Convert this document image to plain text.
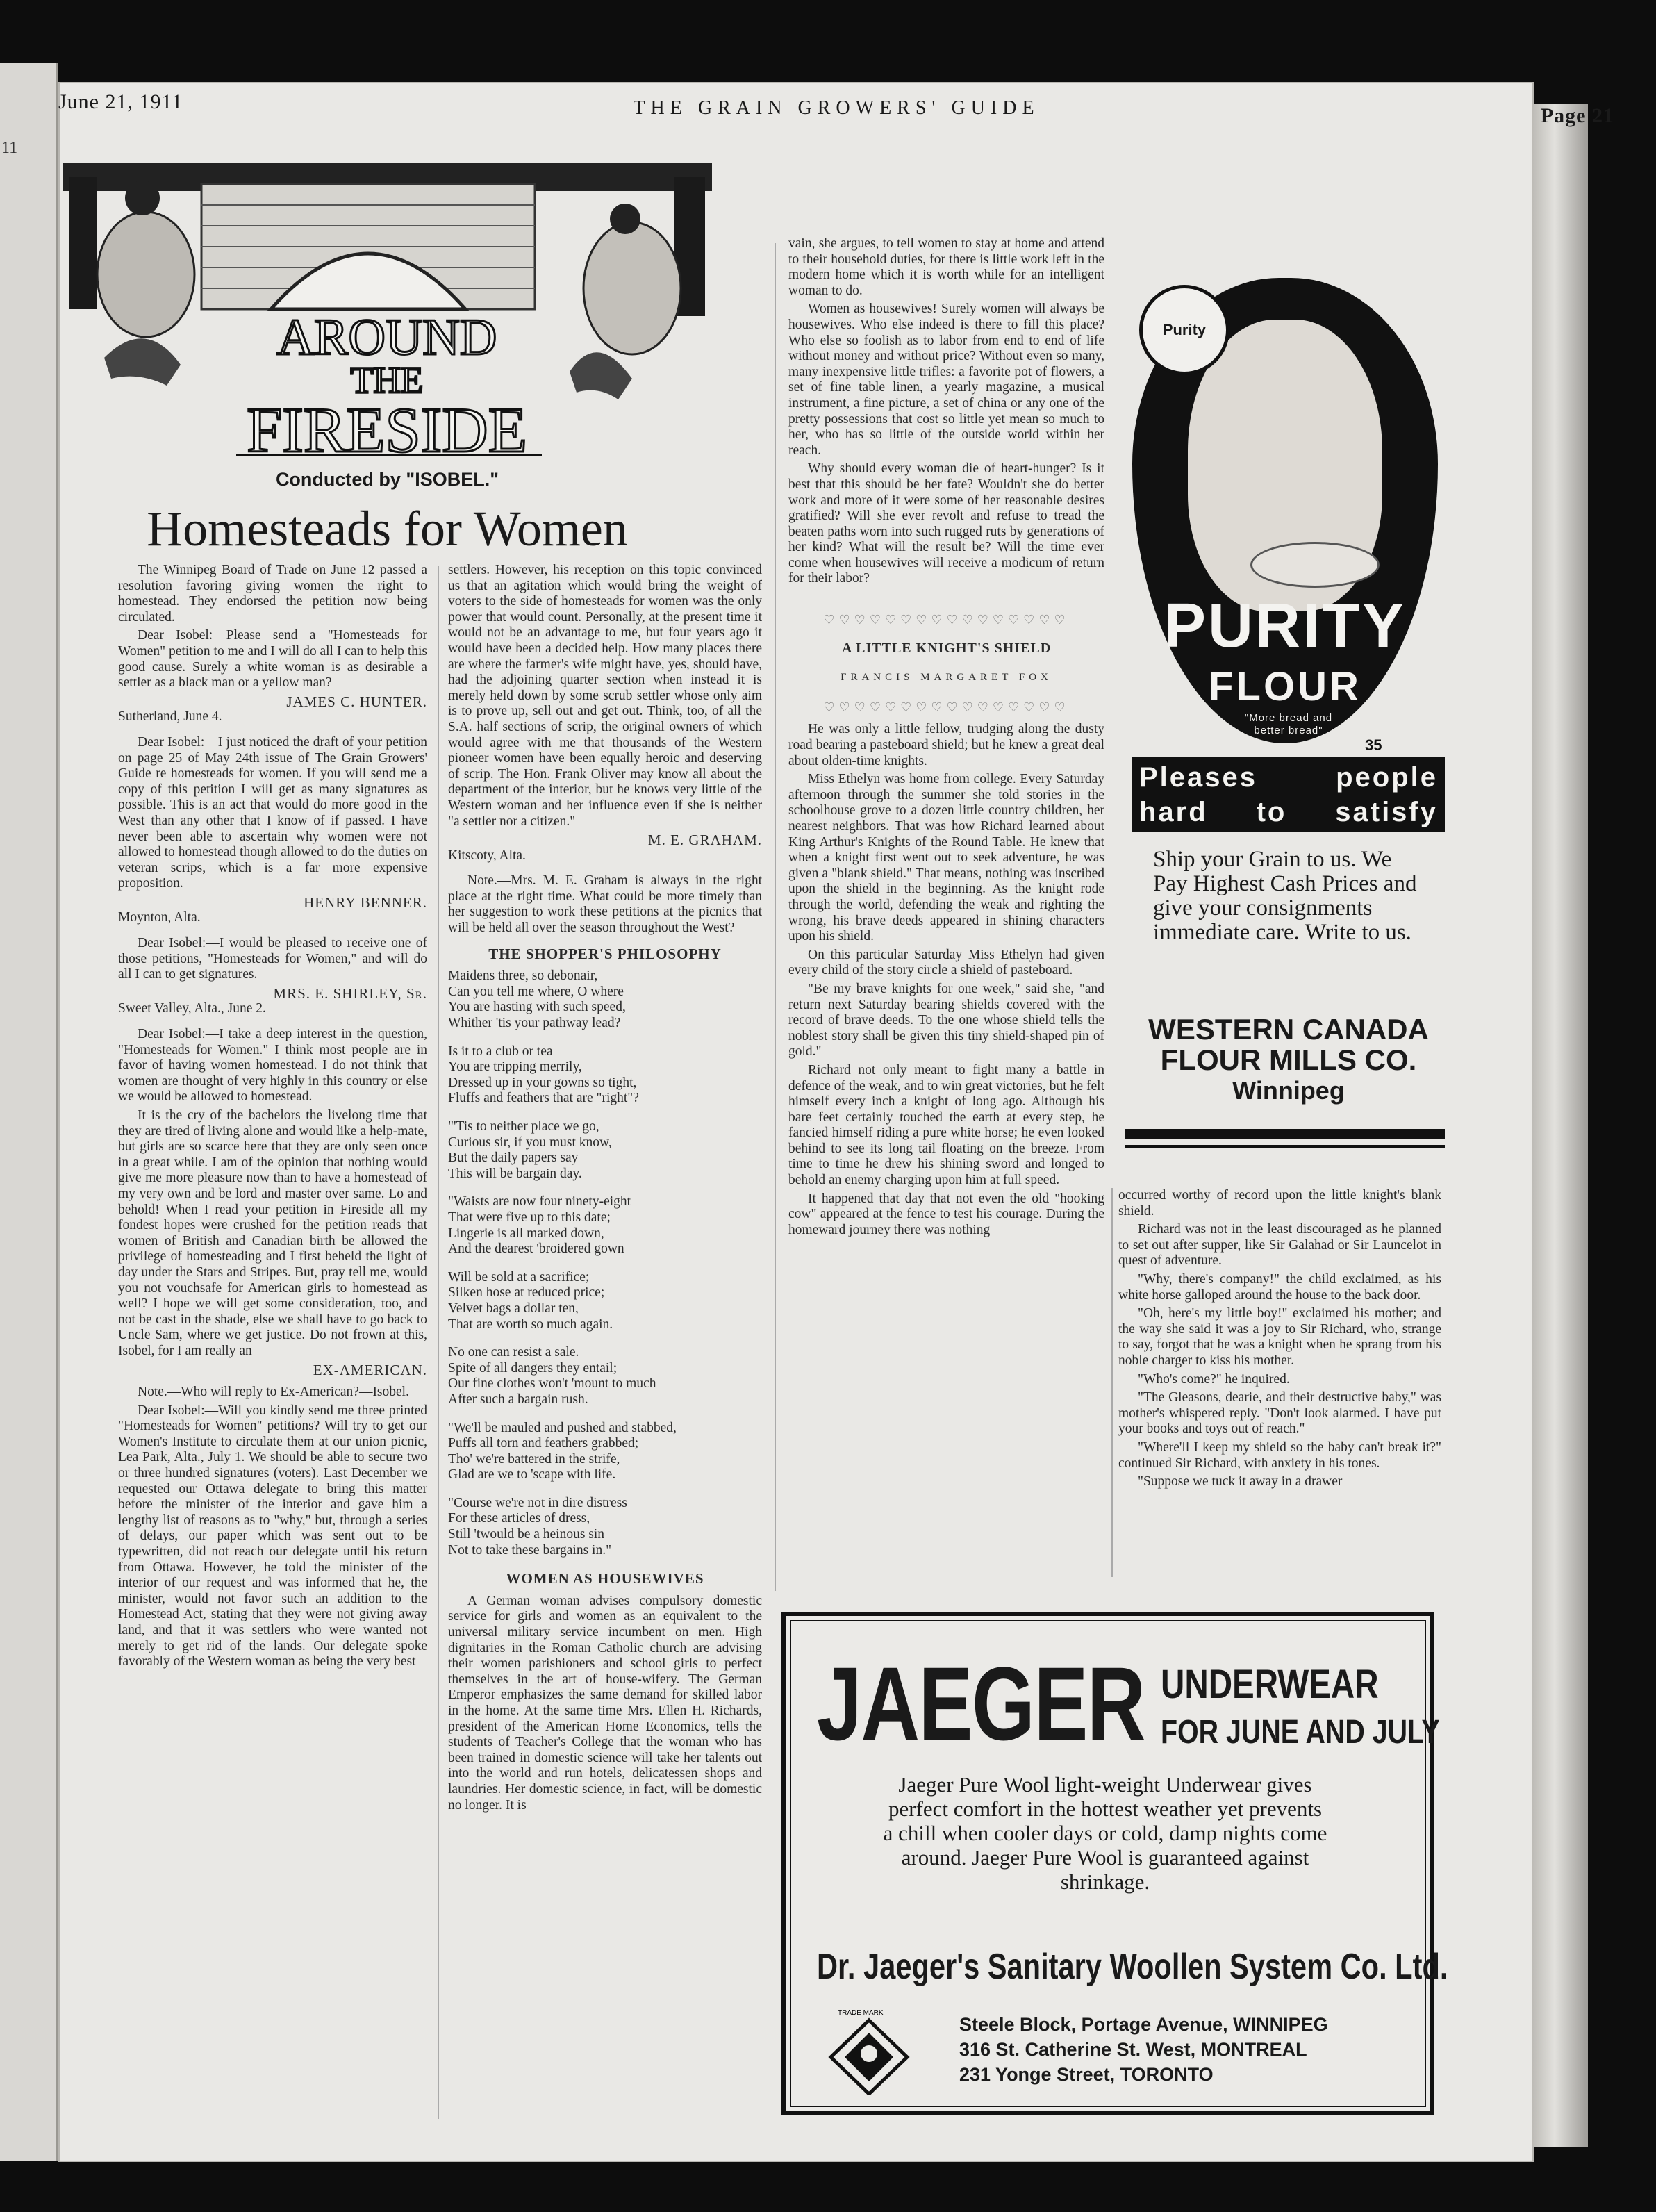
11
June 21, 1911	THE GRAIN GROWERS' GUIDE	Page 21
AROUND
THE
FIRESIDE
Conducted by "ISOBEL."
Homesteads for Women

The Winnipeg Board of Trade on June 12 passed a resolution favoring giving women the right to homestead. They endorsed the petition now being circulated.

Dear Isobel:—Please send a "Homesteads for Women" petition to me and I will do all I can to help this good cause. Surely a white woman is as desirable a settler as a black man or a yellow man?

JAMES C. HUNTER.

Sutherland, June 4.

Dear Isobel:—I just noticed the draft of your petition on page 25 of May 24th issue of The Grain Growers' Guide re homesteads for women. If you will send me a copy of this petition I will get as many signatures as possible. This is an act that would do more good in the West than any other that I know of if passed. I have never been able to ascertain why women were not allowed to homestead though allowed to do the duties on veteran scrips, which is a far more expensive proposition.

HENRY BENNER.

Moynton, Alta.

Dear Isobel:—I would be pleased to receive one of those petitions, "Homesteads for Women," and will do all I can to get signatures.

MRS. E. SHIRLEY, Sr.

Sweet Valley, Alta., June 2.

Dear Isobel:—I take a deep interest in the question, "Homesteads for Women." I think most people are in favor of having women homestead. I do not think that women are thought of very highly in this country or else we would be allowed to homestead.

It is the cry of the bachelors the livelong time that they are tired of living alone and would like a help-mate, but girls are so scarce here that they are only seen once in a great while. I am of the opinion that nothing would give me more pleasure now than to have a homestead of my very own and be lord and master over same. Lo and behold! When I read your petition in Fireside all my fondest hopes were crushed for the petition reads that women of British and Canadian birth be allowed the privilege of homesteading and I first beheld the light of day under the Stars and Stripes. But, pray tell me, would you not vouchsafe for American girls to homestead as well? I hope we will get some consideration, too, and not be cast in the shade, else we shall have to go back to Uncle Sam, where we get justice. Do not frown at this, Isobel, for I am really an

EX-AMERICAN.

Note.—Who will reply to Ex-American?—Isobel.

Dear Isobel:—Will you kindly send me three printed "Homesteads for Women" petitions? Will try to get our Women's Institute to circulate them at our union picnic, Lea Park, Alta., July 1. We should be able to secure two or three hundred signatures (voters). Last December we requested our Ottawa delegate to bring this matter before the minister of the interior and gave him a lengthy list of reasons as to "why," but, through a series of delays, our paper which was sent out to be typewritten, did not reach our delegate until his return from Ottawa. However, he told the minister of the interior of our request and was informed that he, the minister, would not favor such an addition to the Homestead Act, stating that they were not giving away land, and that it was settlers who were wanted not merely to get rid of the lands. Our delegate spoke favorably of the Western woman as being the very best

settlers. However, his reception on this topic convinced us that an agitation which would bring the weight of voters to the side of homesteads for women was the only power that would count. Personally, at the present time it would not be an advantage to me, but four years ago it would have been a decided help. How many places there are where the farmer's wife might have, yes, should have, had the adjoining quarter section when instead it is merely held down by some scrub settler whose only aim is to prove up, sell out and get out. Think, too, of all the S.A. half sections of scrip, the original owners of which would agree with me that thousands of the Western pioneer women have been equally heroic and deserving of scrip. The Hon. Frank Oliver may know all about the department of the interior, but he knows very little of the Western woman and her influence even if she is neither "a settler nor a citizen."

M. E. GRAHAM.

Kitscoty, Alta.

Note.—Mrs. M. E. Graham is always in the right place at the right time. What could be more timely than her suggestion to work these petitions at the picnics that will be held all over the season throughout the West?

THE SHOPPER'S PHILOSOPHY

Maidens three, so debonair,
Can you tell me where, O where
You are hasting with such speed,
Whither 'tis your pathway lead?

Is it to a club or tea
You are tripping merrily,
Dressed up in your gowns so tight,
Fluffs and feathers that are "right"?

"'Tis to neither place we go,
Curious sir, if you must know,
But the daily papers say
This will be bargain day.

"Waists are now four ninety-eight
That were five up to this date;
Lingerie is all marked down,
And the dearest 'broidered gown

Will be sold at a sacrifice;
Silken hose at reduced price;
Velvet bags a dollar ten,
That are worth so much again.

No one can resist a sale.
Spite of all dangers they entail;
Our fine clothes won't 'mount to much
After such a bargain rush.

"We'll be mauled and pushed and stabbed,
Puffs all torn and feathers grabbed;
Tho' we're battered in the strife,
Glad are we to 'scape with life.

"Course we're not in dire distress
For these articles of dress,
Still 'twould be a heinous sin
Not to take these bargains in."

WOMEN AS HOUSEWIVES

A German woman advises compulsory domestic service for girls and women as an equivalent to the universal military service incumbent on men. High dignitaries in the Roman Catholic church are advising their women parishioners and school girls to perfect themselves in the art of house-wifery. The German Emperor emphasizes the same demand for skilled labor in the home. At the same time Mrs. Ellen H. Richards, president of the American Home Economics, tells the students of Teacher's College that the woman who has been trained in domestic science will take her talents out into the world and run hotels, delicatessen shops and laundries. Her domestic science, in fact, will be domestic no longer. It is

vain, she argues, to tell women to stay at home and attend to their household duties, for there is little work left in the modern home which it is worth while for an intelligent woman to do.

Women as housewives! Surely women will always be housewives. Who else indeed is there to fill this place? Who else so foolish as to labor from end to end of life without money and without price? Without even so many, many inexpensive little trifles: a favorite pot of flowers, a set of fine table linen, a yearly magazine, a musical instrument, a fine picture, a set of china or any one of the pretty possessions that cost so little yet mean so much to her, who has so little of the outside world within her reach.

Why should every woman die of heart-hunger? Is it best that this should be her fate? Wouldn't she do better work and more of it were some of her reasonable desires gratified? Will she ever revolt and refuse to tread the beaten paths worn into such rugged ruts by generations of her kind? What will the result be? Will the time ever come when housewives will receive a modicum of return for their labor?

♡♡♡♡♡♡♡♡♡♡♡♡♡♡♡♡
A LITTLE KNIGHT'S SHIELD
FRANCIS MARGARET FOX
♡♡♡♡♡♡♡♡♡♡♡♡♡♡♡♡

He was only a little fellow, trudging along the dusty road bearing a pasteboard shield; but he knew a great deal about olden-time knights.

Miss Ethelyn was home from college. Every Saturday afternoon through the summer she told stories in the schoolhouse grove to a dozen little country children, her nearest neighbors. That was how Richard learned about King Arthur's Knights of the Round Table. He knew that when a knight first went out to seek adventure, he was given a "blank shield." That means, nothing was inscribed upon the shield in the beginning. As the knight rode through the world, defending the weak and righting the wrong, his brave deeds appeared in shining characters upon his shield.

On this particular Saturday Miss Ethelyn had given every child of the story circle a shield of pasteboard.

"Be my brave knights for one week," said she, "and return next Saturday bearing shields covered with the record of brave deeds. To the one whose shield tells the noblest story shall be given this tiny shield-shaped pin of gold."

Richard not only meant to fight many a battle in defence of the weak, and to win great victories, but he felt himself every inch a knight of long ago. Although his bare feet certainly touched the earth at every step, he fancied himself riding a pure white horse; he even looked behind to see its long tail floating on the breeze. From time to time he drew his shining sword and longed to behold an enemy charging upon him at full speed.

It happened that day that not even the old "hooking cow" appeared at the fence to test his courage. During the homeward journey there was nothing

occurred worthy of record upon the little knight's blank shield.

Richard was not in the least discouraged as he planned to set out after supper, like Sir Galahad or Sir Launcelot in quest of adventure.

"Why, there's company!" the child exclaimed, as his white horse galloped around the house to the back door.

"Oh, here's my little boy!" exclaimed his mother; and the way she said it was a joy to Sir Richard, who, strange to say, forgot that he was a knight when he sprang from his noble charger to kiss his mother.

"Who's come?" he inquired.

"The Gleasons, dearie, and their destructive baby," was mother's whispered reply. "Don't look alarmed. I have put your books and toys out of reach."

"Where'll I keep my shield so the baby can't break it?" continued Sir Richard, with anxiety in his tones.

"Suppose we tuck it away in a drawer

Purity
PURITY
FLOUR
"More bread and better bread"
35
Pleases people
hard to satisfy
Ship your Grain to us. We Pay Highest Cash Prices and give your consignments immediate care. Write to us.
WESTERN CANADA
FLOUR MILLS CO.
Winnipeg
JAEGER UNDERWEAR
FOR JUNE AND JULY
Jaeger Pure Wool light-weight Underwear gives perfect comfort in the hottest weather yet prevents a chill when cooler days or cold, damp nights come around. Jaeger Pure Wool is guaranteed against shrinkage.
Dr. Jaeger's Sanitary Woollen System Co. Ltd.
TRADE MARK
Steele Block, Portage Avenue, WINNIPEG
316 St. Catherine St. West, MONTREAL
231 Yonge Street, TORONTO
